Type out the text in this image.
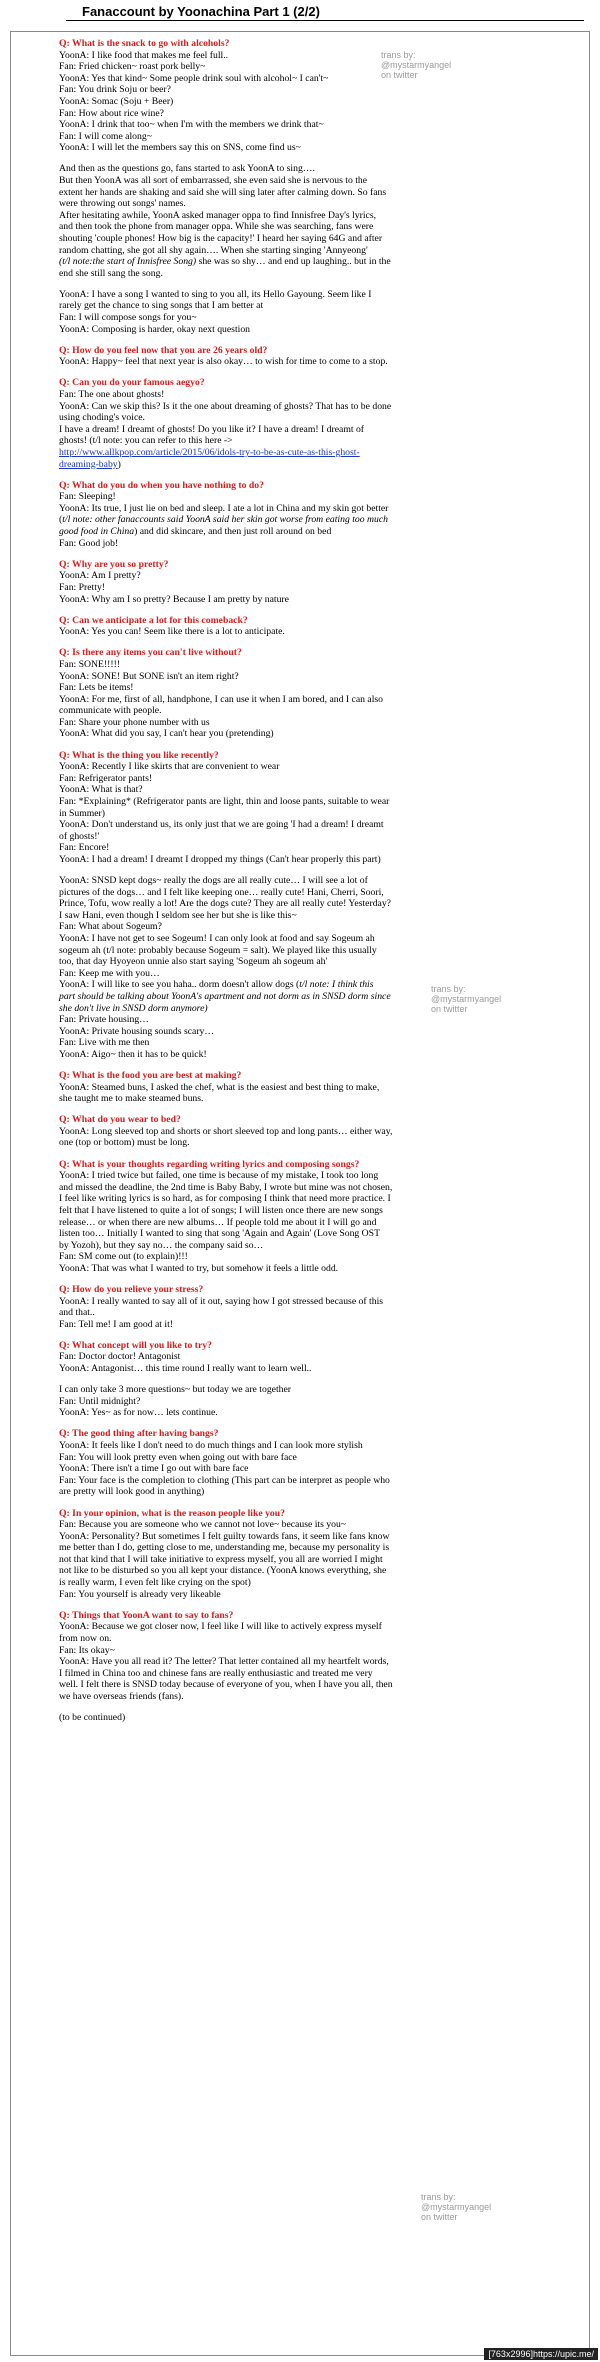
Fanaccount by Yoonachina Part 1 (2/2)
trans by:
@mystarmyangel
on twitter
trans by:
@mystarmyangel
on twitter
trans by:
@mystarmyangel
on twitter
Q: What is the snack to go with alcohols?
YoonA: I like food that makes me feel full..
Fan: Fried chicken~ roast pork belly~
YoonA: Yes that kind~ Some people drink soul with alcohol~ I can't~
Fan: You drink Soju or beer?
YoonA: Somac (Soju + Beer)
Fan: How about rice wine?
YoonA: I drink that too~ when I'm with the members we drink that~
Fan: I will come along~
YoonA: I will let the members say this on SNS, come find us~
And then as the questions go, fans started to ask YoonA to sing….
But then YoonA was all sort of embarrassed, she even said she is nervous to the
extent her hands are shaking and said she will sing later after calming down. So fans
were throwing out songs' names.
After hesitating awhile, YoonA asked manager oppa to find Innisfree Day's lyrics,
and then took the phone from manager oppa. While she was searching, fans were
shouting 'couple phones! How big is the capacity!' I heard her saying 64G and after
random chatting, she got all shy again…. When she starting singing 'Annyeong'
(t/l note:the start of Innisfree Song) she was so shy… and end up laughing.. but in the
end she still sang the song.
YoonA: I have a song I wanted to sing to you all, its Hello Gayoung. Seem like I
rarely get the chance to sing songs that I am better at
Fan: I will compose songs for you~
YoonA: Composing is harder, okay next question
Q: How do you feel now that you are 26 years old?
YoonA: Happy~ feel that next year is also okay… to wish for time to come to a stop.
Q: Can you do your famous aegyo?
Fan: The one about ghosts!
YoonA: Can we skip this? Is it the one about dreaming of ghosts? That has to be done
using choding's voice.
I have a dream! I dreamt of ghosts! Do you like it? I have a dream! I dreamt of
ghosts! (t/l note: you can refer to this here ->
http://www.allkpop.com/article/2015/06/idols-try-to-be-as-cute-as-this-ghost-
dreaming-baby)
Q: What do you do when you have nothing to do?
Fan: Sleeping!
YoonA: Its true, I just lie on bed and sleep. I ate a lot in China and my skin got better
(t/l note: other fanaccounts said YoonA said her skin got worse from eating too much
good food in China) and did skincare, and then just roll around on bed
Fan: Good job!
Q: Why are you so pretty?
YoonA: Am I pretty?
Fan: Pretty!
YoonA: Why am I so pretty? Because I am pretty by nature
Q: Can we anticipate a lot for this comeback?
YoonA: Yes you can! Seem like there is a lot to anticipate.
Q: Is there any items you can't live without?
Fan: SONE!!!!!
YoonA: SONE! But SONE isn't an item right?
Fan: Lets be items!
YoonA: For me, first of all, handphone, I can use it when I am bored, and I can also
communicate with people.
Fan: Share your phone number with us
YoonA: What did you say, I can't hear you (pretending)
Q: What is the thing you like recently?
YoonA: Recently I like skirts that are convenient to wear
Fan: Refrigerator pants!
YoonA: What is that?
Fan: *Explaining* (Refrigerator pants are light, thin and loose pants, suitable to wear
in Summer)
YoonA: Don't understand us, its only just that we are going 'I had a dream! I dreamt
of ghosts!'
Fan: Encore!
YoonA: I had a dream! I dreamt I dropped my things (Can't hear properly this part)
YoonA: SNSD kept dogs~ really the dogs are all really cute… I will see a lot of
pictures of the dogs… and I felt like keeping one… really cute! Hani, Cherri, Soori,
Prince, Tofu, wow really a lot! Are the dogs cute? They are all really cute! Yesterday?
I saw Hani, even though I seldom see her but she is like this~
Fan: What about Sogeum?
YoonA: I have not get to see Sogeum! I can only look at food and say Sogeum ah
sogeum ah (t/l note: probably because Sogeum = salt). We played like this usually
too, that day Hyoyeon unnie also start saying 'Sogeum ah sogeum ah'
Fan: Keep me with you…
YoonA: I will like to see you haha.. dorm doesn't allow dogs (t/l note: I think this
part should be talking about YoonA's apartment and not dorm as in SNSD dorm since
she don't live in SNSD dorm anymore)
Fan: Private housing…
YoonA: Private housing sounds scary…
Fan: Live with me then
YoonA: Aigo~ then it has to be quick!
Q: What is the food you are best at making?
YoonA: Steamed buns, I asked the chef, what is the easiest and best thing to make,
she taught me to make steamed buns.
Q: What do you wear to bed?
YoonA: Long sleeved top and shorts or short sleeved top and long pants… either way,
one (top or bottom) must be long.
Q: What is your thoughts regarding writing lyrics and composing songs?
YoonA: I tried twice but failed, one time is because of my mistake, I took too long
and missed the deadline, the 2nd time is Baby Baby, I wrote but mine was not chosen,
I feel like writing lyrics is so hard, as for composing I think that need more practice. I
felt that I have listened to quite a lot of songs; I will listen once there are new songs
release… or when there are new albums… If people told me about it I will go and
listen too… Initially I wanted to sing that song 'Again and Again' (Love Song OST
by Yozoh), but they say no… the company said so…
Fan: SM come out (to explain)!!!
YoonA: That was what I wanted to try, but somehow it feels a little odd.
Q: How do you relieve your stress?
YoonA: I really wanted to say all of it out, saying how I got stressed because of this
and that..
Fan: Tell me! I am good at it!
Q: What concept will you like to try?
Fan: Doctor doctor! Antagonist
YoonA: Antagonist… this time round I really want to learn well..
I can only take 3 more questions~ but today we are together
Fan: Until midnight?
YoonA: Yes~ as for now… lets continue.
Q: The good thing after having bangs?
YoonA: It feels like I don't need to do much things and I can look more stylish
Fan: You will look pretty even when going out with bare face
YoonA: There isn't a time I go out with bare face
Fan: Your face is the completion to clothing (This part can be interpret as people who
are pretty will look good in anything)
Q: In your opinion, what is the reason people like you?
Fan: Because you are someone who we cannot not love~ because its you~
YoonA: Personality? But sometimes I felt guilty towards fans, it seem like fans know
me better than I do, getting close to me, understanding me, because my personality is
not that kind that I will take initiative to express myself, you all are worried I might
not like to be disturbed so you all kept your distance. (YoonA knows everything, she
is really warm, I even felt like crying on the spot)
Fan: You yourself is already very likeable
Q: Things that YoonA want to say to fans?
YoonA: Because we got closer now, I feel like I will like to actively express myself
from now on.
Fan: Its okay~
YoonA: Have you all read it? The letter? That letter contained all my heartfelt words,
I filmed in China too and chinese fans are really enthusiastic and treated me very
well. I felt there is SNSD today because of everyone of you, when I have you all, then
we have overseas friends (fans).
(to be continued)
[763x2996]https://upic.me/
